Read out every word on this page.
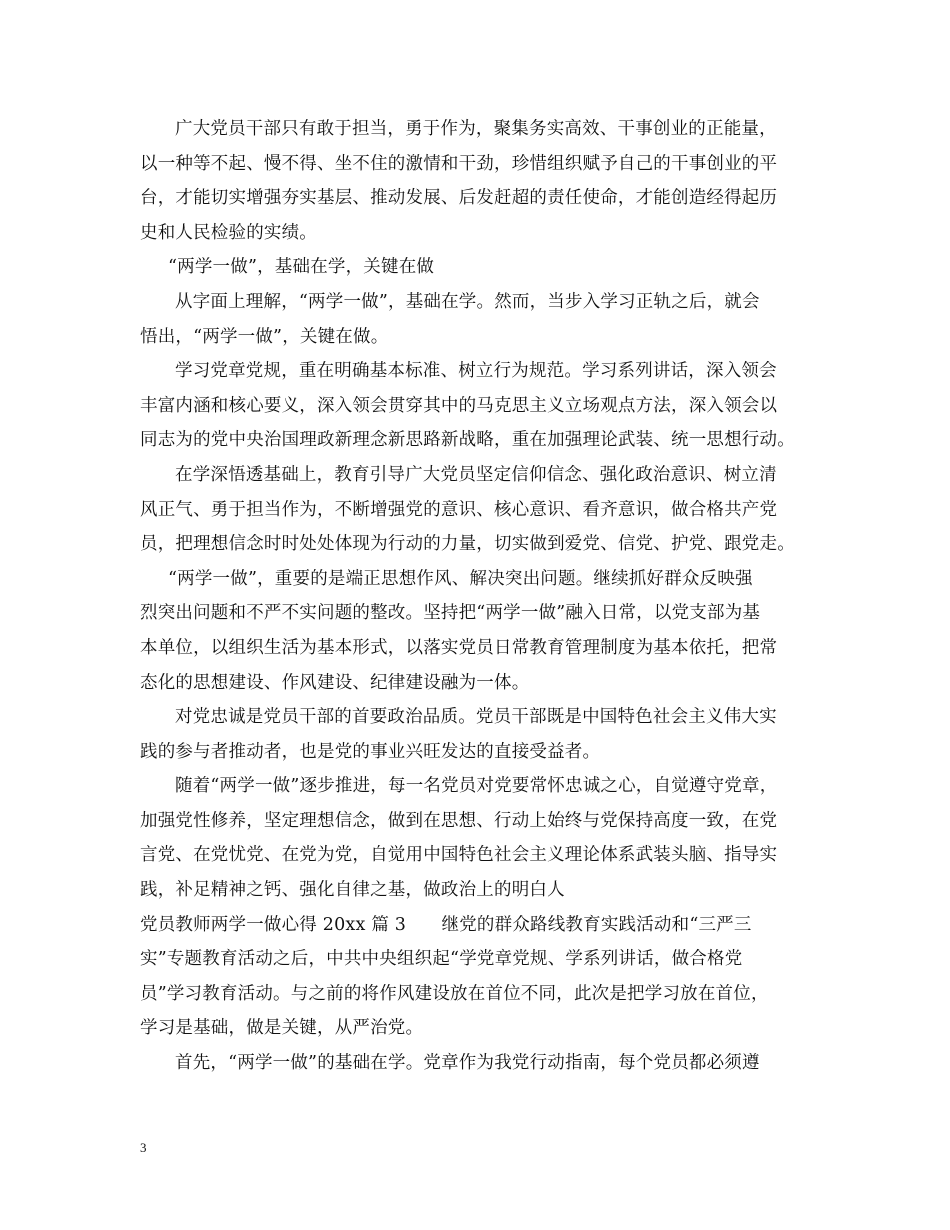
广大党员干部只有敢于担当，勇于作为，聚集务实高效、干事创业的正能量，
以一种等不起、慢不得、坐不住的激情和干劲，珍惜组织赋予自己的干事创业的平
台，才能切实增强夯实基层、推动发展、后发赶超的责任使命，才能创造经得起历
史和人民检验的实绩。
“两学一做”，基础在学，关键在做
从字面上理解，“两学一做”，基础在学。然而，当步入学习正轨之后，就会
悟出，“两学一做”，关键在做。
学习党章党规，重在明确基本标准、树立行为规范。学习系列讲话，深入领会
丰富内涵和核心要义，深入领会贯穿其中的马克思主义立场观点方法，深入领会以
同志为的党中央治国理政新理念新思路新战略，重在加强理论武装、统一思想行动。
在学深悟透基础上，教育引导广大党员坚定信仰信念、强化政治意识、树立清
风正气、勇于担当作为，不断增强党的意识、核心意识、看齐意识，做合格共产党
员，把理想信念时时处处体现为行动的力量，切实做到爱党、信党、护党、跟党走。
“两学一做”，重要的是端正思想作风、解决突出问题。继续抓好群众反映强
烈突出问题和不严不实问题的整改。坚持把“两学一做”融入日常，以党支部为基
本单位，以组织生活为基本形式，以落实党员日常教育管理制度为基本依托，把常
态化的思想建设、作风建设、纪律建设融为一体。
对党忠诚是党员干部的首要政治品质。党员干部既是中国特色社会主义伟大实
践的参与者推动者，也是党的事业兴旺发达的直接受益者。
随着“两学一做”逐步推进，每一名党员对党要常怀忠诚之心，自觉遵守党章，
加强党性修养，坚定理想信念，做到在思想、行动上始终与党保持高度一致，在党
言党、在党忧党、在党为党，自觉用中国特色社会主义理论体系武装头脑、指导实
践，补足精神之钙、强化自律之基，做政治上的明白人
党员教师两学一做心得 20xx 篇 3　　继党的群众路线教育实践活动和“三严三
实”专题教育活动之后，中共中央组织起“学党章党规、学系列讲话，做合格党
员”学习教育活动。与之前的将作风建设放在首位不同，此次是把学习放在首位，
学习是基础，做是关键，从严治党。
首先，“两学一做”的基础在学。党章作为我党行动指南，每个党员都必须遵
3
